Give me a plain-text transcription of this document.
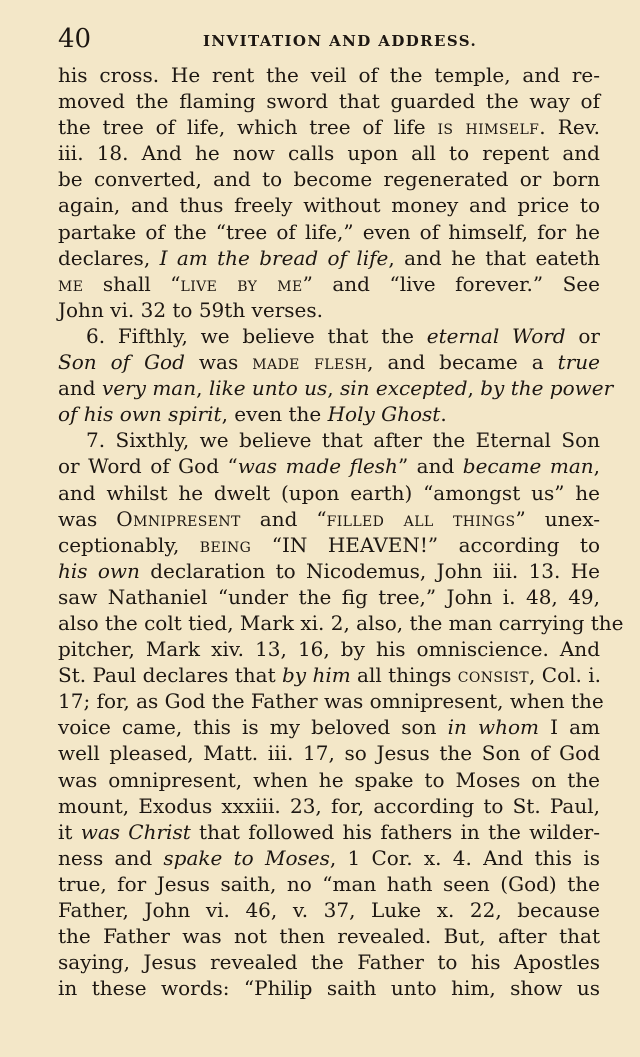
40	INVITATION AND ADDRESS.
his cross. He rent the veil of the temple, and re-
moved the flaming sword that guarded the way of
the tree of life, which tree of life is himself. Rev.
iii. 18. And he now calls upon all to repent and
be converted, and to become regenerated or born
again, and thus freely without money and price to
partake of the “tree of life,” even of himself, for he
declares, I am the bread of life, and he that eateth
me shall “live by me” and “live forever.” See
John vi. 32 to 59th verses.
6. Fifthly, we believe that the eternal Word or
Son of God was made flesh, and became a true
and very man, like unto us, sin excepted, by the power
of his own spirit, even the Holy Ghost.
7. Sixthly, we believe that after the Eternal Son
or Word of God “was made flesh” and became man,
and whilst he dwelt (upon earth) “amongst us” he
was Omnipresent and “filled all things” unex-
ceptionably, being “IN HEAVEN!” according to
his own declaration to Nicodemus, John iii. 13. He
saw Nathaniel “under the fig tree,” John i. 48, 49,
also the colt tied, Mark xi. 2, also, the man carrying the
pitcher, Mark xiv. 13, 16, by his omniscience. And
St. Paul declares that by him all things consist, Col. i.
17; for, as God the Father was omnipresent, when the
voice came, this is my beloved son in whom I am
well pleased, Matt. iii. 17, so Jesus the Son of God
was omnipresent, when he spake to Moses on the
mount, Exodus xxxiii. 23, for, according to St. Paul,
it was Christ that followed his fathers in the wilder-
ness and spake to Moses, 1 Cor. x. 4. And this is
true, for Jesus saith, no “man hath seen (God) the
Father, John vi. 46, v. 37, Luke x. 22, because
the Father was not then revealed. But, after that
saying, Jesus revealed the Father to his Apostles
in these words: “Philip saith unto him, show us
